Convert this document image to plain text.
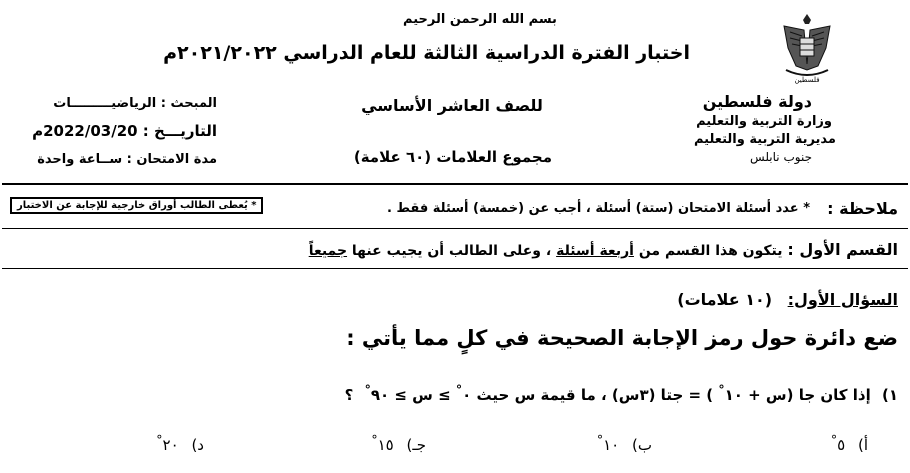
بسم الله الرحمن الرحيم
اختبار الفترة الدراسية الثالثة للعام الدراسي ٢٠٢١/٢٠٢٢م
فلسطين
دولة فلسطين
وزارة التربية والتعليم
مديرية التربية والتعليم
جنوب نابلس
للصف العاشر الأساسي
مجموع العلامات (٦٠ علامة)
المبحث : الرياضيـــــــــات
التاريـــخ : 2022/03/20م
مدة الامتحان : ســاعة واحدة
ملاحظة :
* عدد أسئلة الامتحان (ستة) أسئلة ، أجب عن (خمسة) أسئلة فقط .
* يُعطى الطالب أوراق خارجية للإجابة عن الاختبار
القسم الأول : يتكون هذا القسم من أربعة أسئلة ، وعلى الطالب أن يجيب عنها جميعاً
السؤال الأول: (١٠ علامات)
ضع دائرة حول رمز الإجابة الصحيحة في كلٍ مما يأتي :
١) إذا كان جا (س + ١٠° ) = جتا (٣س) ، ما قيمة س حيث ٠° ≥ س ≥ ٩٠° ؟
أ) ٥°
ب) ١٠°
جـ) ١٥°
د) ٢٠°
